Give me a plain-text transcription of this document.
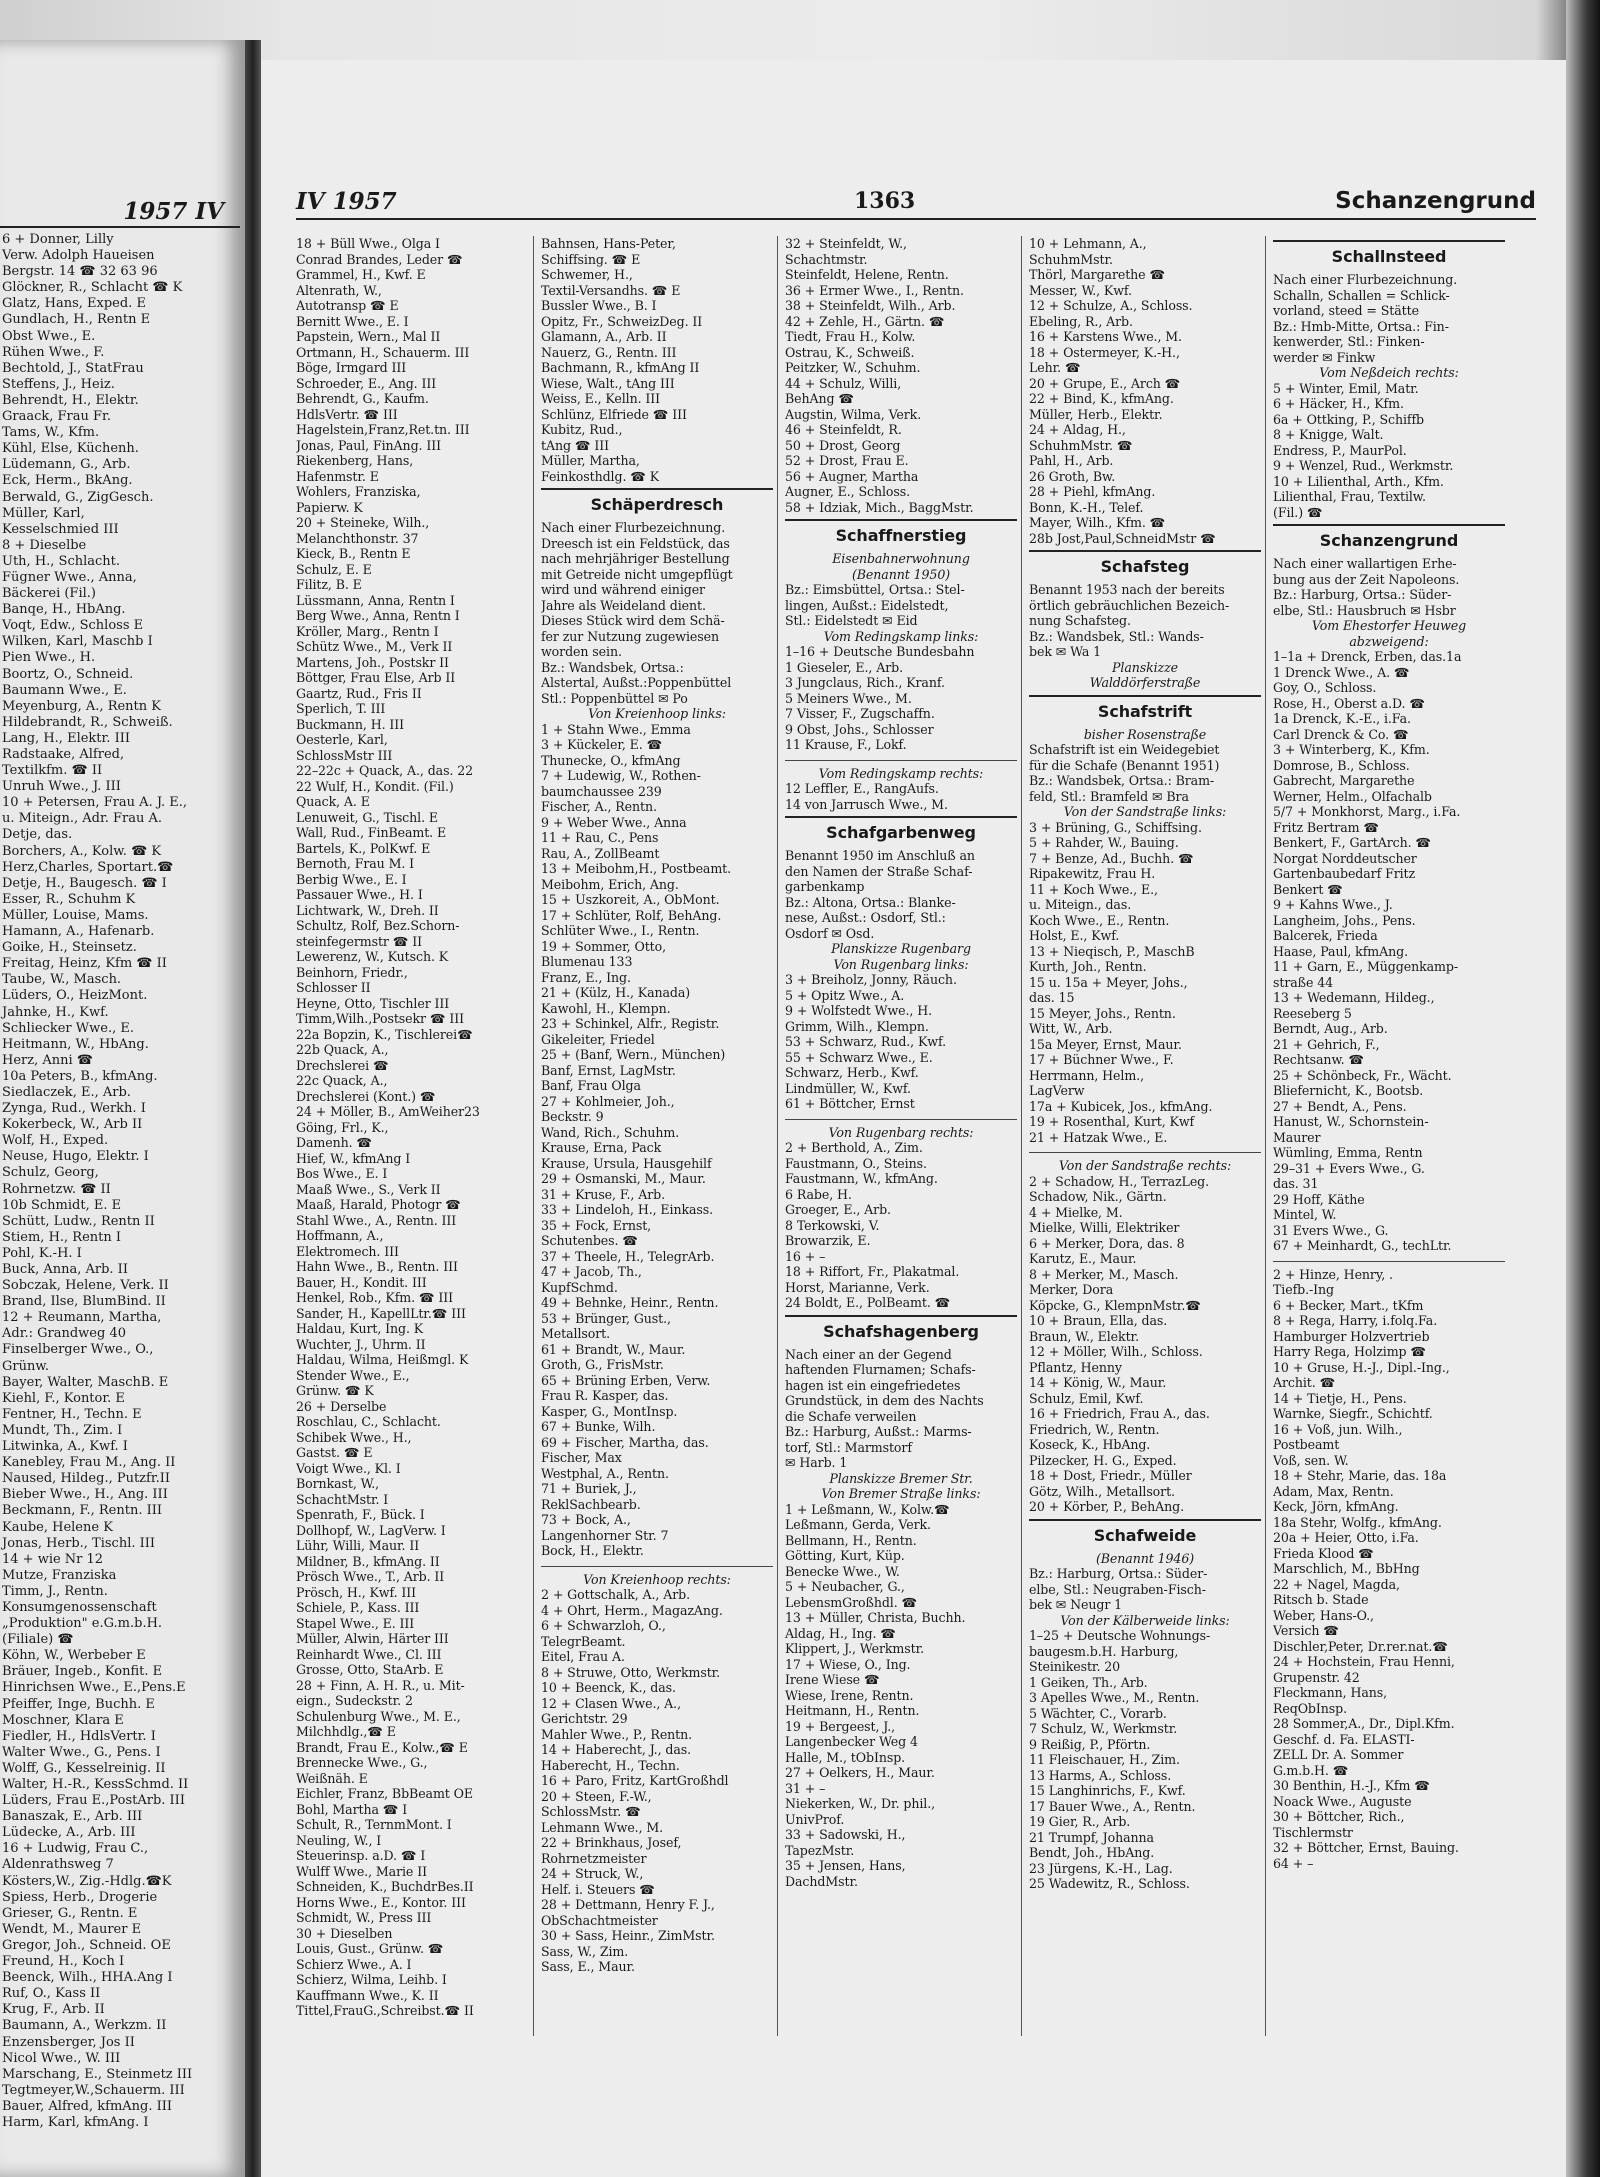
1957 IV
6 + Donner, Lilly
Verw. Adolph Haueisen
Bergstr. 14 ☎ 32 63 96
Glöckner, R., Schlacht ☎ K
Glatz, Hans, Exped. E
Gundlach, H., Rentn E
Obst Wwe., E.
Rühen Wwe., F.
Bechtold, J., StatFrau
Steffens, J., Heiz.
Behrendt, H., Elektr.
Graack, Frau Fr.
Tams, W., Kfm.
Kühl, Else, Küchenh.
Lüdemann, G., Arb.
Eck, Herm., BkAng.
Berwald, G., ZigGesch.
Müller, Karl,
Kesselschmied III
8 + Dieselbe
Uth, H., Schlacht.
Fügner Wwe., Anna,
Bäckerei (Fil.)
Banqe, H., HbAng.
Voqt, Edw., Schloss E
Wilken, Karl, Maschb I
Pien Wwe., H.
Boortz, O., Schneid.
Baumann Wwe., E.
Meyenburg, A., Rentn K
Hildebrandt, R., Schweiß.
Lang, H., Elektr. III
Radstaake, Alfred,
Textilkfm. ☎ II
Unruh Wwe., J. III
10 + Petersen, Frau A. J. E.,
u. Miteign., Adr. Frau A.
Detje, das.
Borchers, A., Kolw. ☎ K
Herz,Charles, Sportart.☎
Detje, H., Baugesch. ☎ I
Esser, R., Schuhm K
Müller, Louise, Mams.
Hamann, A., Hafenarb.
Goike, H., Steinsetz.
Freitag, Heinz, Kfm ☎ II
Taube, W., Masch.
Lüders, O., HeizMont.
Jahnke, H., Kwf.
Schliecker Wwe., E.
Heitmann, W., HbAng.
Herz, Anni ☎
10a Peters, B., kfmAng.
Siedlaczek, E., Arb.
Zynga, Rud., Werkh. I
Kokerbeck, W., Arb II
Wolf, H., Exped.
Neuse, Hugo, Elektr. I
Schulz, Georg,
Rohrnetzw. ☎ II
10b Schmidt, E. E
Schütt, Ludw., Rentn II
Stiem, H., Rentn I
Pohl, K.-H. I
Buck, Anna, Arb. II
Sobczak, Helene, Verk. II
Brand, Ilse, BlumBind. II
12 + Reumann, Martha,
Adr.: Grandweg 40
Finselberger Wwe., O.,
Grünw.
Bayer, Walter, MaschB. E
Kiehl, F., Kontor. E
Fentner, H., Techn. E
Mundt, Th., Zim. I
Litwinka, A., Kwf. I
Kanebley, Frau M., Ang. II
Naused, Hildeg., Putzfr.II
Bieber Wwe., H., Ang. III
Beckmann, F., Rentn. III
Kaube, Helene K
Jonas, Herb., Tischl. III
14 + wie Nr 12
Mutze, Franziska
Timm, J., Rentn.
Konsumgenossenschaft
„Produktion" e.G.m.b.H.
(Filiale) ☎
Köhn, W., Werbeber E
Bräuer, Ingeb., Konfit. E
Hinrichsen Wwe., E.,Pens.E
Pfeiffer, Inge, Buchh. E
Moschner, Klara E
Fiedler, H., HdlsVertr. I
Walter Wwe., G., Pens. I
Wolff, G., Kesselreinig. II
Walter, H.-R., KessSchmd. II
Lüders, Frau E.,PostArb. III
Banaszak, E., Arb. III
Lüdecke, A., Arb. III
16 + Ludwig, Frau C.,
Aldenrathsweg 7
Kösters,W., Zig.-Hdlg.☎K
Spiess, Herb., Drogerie
Grieser, G., Rentn. E
Wendt, M., Maurer E
Gregor, Joh., Schneid. OE
Freund, H., Koch I
Beenck, Wilh., HHA.Ang I
Ruf, O., Kass II
Krug, F., Arb. II
Baumann, A., Werkzm. II
Enzensberger, Jos II
Nicol Wwe., W. III
Marschang, E., Steinmetz III
Tegtmeyer,W.,Schauerm. III
Bauer, Alfred, kfmAng. III
Harm, Karl, kfmAng. I
IV 1957	1363	Schanzengrund
18 + Büll Wwe., Olga I
Conrad Brandes, Leder ☎
Grammel, H., Kwf. E
Altenrath, W.,
Autotransp ☎ E
Bernitt Wwe., E. I
Papstein, Wern., Mal II
Ortmann, H., Schauerm. III
Böge, Irmgard III
Schroeder, E., Ang. III
Behrendt, G., Kaufm.
HdlsVertr. ☎ III
Hagelstein,Franz,Ret.tn. III
Jonas, Paul, FinAng. III
Riekenberg, Hans,
Hafenmstr. E
Wohlers, Franziska,
Papierw. K
20 + Steineke, Wilh.,
Melanchthonstr. 37
Kieck, B., Rentn E
Schulz, E. E
Filitz, B. E
Lüssmann, Anna, Rentn I
Berg Wwe., Anna, Rentn I
Kröller, Marg., Rentn I
Schütz Wwe., M., Verk II
Martens, Joh., Postskr II
Böttger, Frau Else, Arb II
Gaartz, Rud., Fris II
Sperlich, T. III
Buckmann, H. III
Oesterle, Karl,
SchlossMstr III
22–22c + Quack, A., das. 22
22 Wulf, H., Kondit. (Fil.)
Quack, A. E
Lenuweit, G., Tischl. E
Wall, Rud., FinBeamt. E
Bartels, K., PolKwf. E
Bernoth, Frau M. I
Berbig Wwe., E. I
Passauer Wwe., H. I
Lichtwark, W., Dreh. II
Schultz, Rolf, Bez.Schorn-
steinfegermstr ☎ II
Lewerenz, W., Kutsch. K
Beinhorn, Friedr.,
Schlosser II
Heyne, Otto, Tischler III
Timm,Wilh.,Postsekr ☎ III
22a Bopzin, K., Tischlerei☎
22b Quack, A.,
Drechslerei ☎
22c Quack, A.,
Drechslerei (Kont.) ☎
24 + Möller, B., AmWeiher23
Göing, Frl., K.,
Damenh. ☎
Hief, W., kfmAng I
Bos Wwe., E. I
Maaß Wwe., S., Verk II
Maaß, Harald, Photogr ☎
Stahl Wwe., A., Rentn. III
Hoffmann, A.,
Elektromech. III
Hahn Wwe., B., Rentn. III
Bauer, H., Kondit. III
Henkel, Rob., Kfm. ☎ III
Sander, H., KapellLtr.☎ III
Haldau, Kurt, Ing. K
Wuchter, J., Uhrm. II
Haldau, Wilma, Heißmgl. K
Stender Wwe., E.,
Grünw. ☎ K
26 + Derselbe
Roschlau, C., Schlacht.
Schibek Wwe., H.,
Gastst. ☎ E
Voigt Wwe., Kl. I
Bornkast, W.,
SchachtMstr. I
Spenrath, F., Bück. I
Dollhopf, W., LagVerw. I
Lühr, Willi, Maur. II
Mildner, B., kfmAng. II
Prösch Wwe., T., Arb. II
Prösch, H., Kwf. III
Schiele, P., Kass. III
Stapel Wwe., E. III
Müller, Alwin, Härter III
Reinhardt Wwe., Cl. III
Grosse, Otto, StaArb. E
28 + Finn, A. H. R., u. Mit-
eign., Sudeckstr. 2
Schulenburg Wwe., M. E.,
Milchhdlg.,☎ E
Brandt, Frau E., Kolw.,☎ E
Brennecke Wwe., G.,
Weißnäh. E
Eichler, Franz, BbBeamt OE
Bohl, Martha ☎ I
Schult, R., TernmMont. I
Neuling, W., I
Steuerinsp. a.D. ☎ I
Wulff Wwe., Marie II
Schneiden, K., BuchdrBes.II
Horns Wwe., E., Kontor. III
Schmidt, W., Press III
30 + Dieselben
Louis, Gust., Grünw. ☎
Schierz Wwe., A. I
Schierz, Wilma, Leihb. I
Kauffmann Wwe., K. II
Tittel,FrauG.,Schreibst.☎ II
Bahnsen, Hans-Peter,
Schiffsing. ☎ E
Schwemer, H.,
Textil-Versandhs. ☎ E
Bussler Wwe., B. I
Opitz, Fr., SchweizDeg. II
Glamann, A., Arb. II
Nauerz, G., Rentn. III
Bachmann, R., kfmAng II
Wiese, Walt., tAng III
Weiss, E., Kelln. III
Schlünz, Elfriede ☎ III
Kubitz, Rud.,
tAng ☎ III
Müller, Martha,
Feinkosthdlg. ☎ K
Schäperdresch
Nach einer Flurbezeichnung.
Dreesch ist ein Feldstück, das
nach mehrjähriger Bestellung
mit Getreide nicht umgepflügt
wird und während einiger
Jahre als Weideland dient.
Dieses Stück wird dem Schä-
fer zur Nutzung zugewiesen
worden sein.
Bz.: Wandsbek, Ortsa.:
Alstertal, Außst.:Poppenbüttel
Stl.: Poppenbüttel ✉ Po
Von Kreienhoop links:
1 + Stahn Wwe., Emma
3 + Kückeler, E. ☎
Thunecke, O., kfmAng
7 + Ludewig, W., Rothen-
baumchaussee 239
Fischer, A., Rentn.
9 + Weber Wwe., Anna
11 + Rau, C., Pens
Rau, A., ZollBeamt
13 + Meibohm,H., Postbeamt.
Meibohm, Erich, Ang.
15 + Uszkoreit, A., ObMont.
17 + Schlüter, Rolf, BehAng.
Schlüter Wwe., I., Rentn.
19 + Sommer, Otto,
Blumenau 133
Franz, E., Ing.
21 + (Külz, H., Kanada)
Kawohl, H., Klempn.
23 + Schinkel, Alfr., Registr.
Gikeleiter, Friedel
25 + (Banf, Wern., München)
Banf, Ernst, LagMstr.
Banf, Frau Olga
27 + Kohlmeier, Joh.,
Beckstr. 9
Wand, Rich., Schuhm.
Krause, Erna, Pack
Krause, Ursula, Hausgehilf
29 + Osmanski, M., Maur.
31 + Kruse, F., Arb.
33 + Lindeloh, H., Einkass.
35 + Fock, Ernst,
Schutenbes. ☎
37 + Theele, H., TelegrArb.
47 + Jacob, Th.,
KupfSchmd.
49 + Behnke, Heinr., Rentn.
53 + Brünger, Gust.,
Metallsort.
61 + Brandt, W., Maur.
Groth, G., FrisMstr.
65 + Brüning Erben, Verw.
Frau R. Kasper, das.
Kasper, G., MontInsp.
67 + Bunke, Wilh.
69 + Fischer, Martha, das.
Fischer, Max
Westphal, A., Rentn.
71 + Buriek, J.,
ReklSachbearb.
73 + Bock, A.,
Langenhorner Str. 7
Bock, H., Elektr.
Von Kreienhoop rechts:
2 + Gottschalk, A., Arb.
4 + Ohrt, Herm., MagazAng.
6 + Schwarzloh, O.,
TelegrBeamt.
Eitel, Frau A.
8 + Struwe, Otto, Werkmstr.
10 + Beenck, K., das.
12 + Clasen Wwe., A.,
Gerichtstr. 29
Mahler Wwe., P., Rentn.
14 + Haberecht, J., das.
Haberecht, H., Techn.
16 + Paro, Fritz, KartGroßhdl
20 + Steen, F.-W.,
SchlossMstr. ☎
Lehmann Wwe., M.
22 + Brinkhaus, Josef,
Rohrnetzmeister
24 + Struck, W.,
Helf. i. Steuers ☎
28 + Dettmann, Henry F. J.,
ObSchachtmeister
30 + Sass, Heinr., ZimMstr.
Sass, W., Zim.
Sass, E., Maur.
32 + Steinfeldt, W.,
Schachtmstr.
Steinfeldt, Helene, Rentn.
36 + Ermer Wwe., I., Rentn.
38 + Steinfeldt, Wilh., Arb.
42 + Zehle, H., Gärtn. ☎
Tiedt, Frau H., Kolw.
Ostrau, K., Schweiß.
Peitzker, W., Schuhm.
44 + Schulz, Willi,
BehAng ☎
Augstin, Wilma, Verk.
46 + Steinfeldt, R.
50 + Drost, Georg
52 + Drost, Frau E.
56 + Augner, Martha
Augner, E., Schloss.
58 + Idziak, Mich., BaggMstr.
Schaffnerstieg
Eisenbahnerwohnung
(Benannt 1950)
Bz.: Eimsbüttel, Ortsa.: Stel-
lingen, Außst.: Eidelstedt,
Stl.: Eidelstedt ✉ Eid
Vom Redingskamp links:
1–16 + Deutsche Bundesbahn
1 Gieseler, E., Arb.
3 Jungclaus, Rich., Kranf.
5 Meiners Wwe., M.
7 Visser, F., Zugschaffn.
9 Obst, Johs., Schlosser
11 Krause, F., Lokf.
Vom Redingskamp rechts:
12 Leffler, E., RangAufs.
14 von Jarrusch Wwe., M.
Schafgarbenweg
Benannt 1950 im Anschluß an
den Namen der Straße Schaf-
garbenkamp
Bz.: Altona, Ortsa.: Blanke-
nese, Außst.: Osdorf, Stl.:
Osdorf ✉ Osd.
Planskizze Rugenbarg
Von Rugenbarg links:
3 + Breiholz, Jonny, Räuch.
5 + Opitz Wwe., A.
9 + Wolfstedt Wwe., H.
Grimm, Wilh., Klempn.
53 + Schwarz, Rud., Kwf.
55 + Schwarz Wwe., E.
Schwarz, Herb., Kwf.
Lindmüller, W., Kwf.
61 + Böttcher, Ernst
Von Rugenbarg rechts:
2 + Berthold, A., Zim.
Faustmann, O., Steins.
Faustmann, W., kfmAng.
6 Rabe, H.
Groeger, E., Arb.
8 Terkowski, V.
Browarzik, E.
16 + –
18 + Riffort, Fr., Plakatmal.
Horst, Marianne, Verk.
24 Boldt, E., PolBeamt. ☎
Schafshagenberg
Nach einer an der Gegend
haftenden Flurnamen; Schafs-
hagen ist ein eingefriedetes
Grundstück, in dem des Nachts
die Schafe verweilen
Bz.: Harburg, Außst.: Marms-
torf, Stl.: Marmstorf
✉ Harb. 1
Planskizze Bremer Str.
Von Bremer Straße links:
1 + Leßmann, W., Kolw.☎
Leßmann, Gerda, Verk.
Bellmann, H., Rentn.
Götting, Kurt, Küp.
Benecke Wwe., W.
5 + Neubacher, G.,
LebensmGroßhdl. ☎
13 + Müller, Christa, Buchh.
Aldag, H., Ing. ☎
Klippert, J., Werkmstr.
17 + Wiese, O., Ing.
Irene Wiese ☎
Wiese, Irene, Rentn.
Heitmann, H., Rentn.
19 + Bergeest, J.,
Langenbecker Weg 4
Halle, M., tObInsp.
27 + Oelkers, H., Maur.
31 + –
Niekerken, W., Dr. phil.,
UnivProf.
33 + Sadowski, H.,
TapezMstr.
35 + Jensen, Hans,
DachdMstr.
10 + Lehmann, A.,
SchuhmMstr.
Thörl, Margarethe ☎
Messer, W., Kwf.
12 + Schulze, A., Schloss.
Ebeling, R., Arb.
16 + Karstens Wwe., M.
18 + Ostermeyer, K.-H.,
Lehr. ☎
20 + Grupe, E., Arch ☎
22 + Bind, K., kfmAng.
Müller, Herb., Elektr.
24 + Aldag, H.,
SchuhmMstr. ☎
Pahl, H., Arb.
26 Groth, Bw.
28 + Piehl, kfmAng.
Bonn, K.-H., Telef.
Mayer, Wilh., Kfm. ☎
28b Jost,Paul,SchneidMstr ☎
Schafsteg
Benannt 1953 nach der bereits
örtlich gebräuchlichen Bezeich-
nung Schafsteg.
Bz.: Wandsbek, Stl.: Wands-
bek ✉ Wa 1
Planskizze
Walddörferstraße
Schafstrift
bisher Rosenstraße
Schafstrift ist ein Weidegebiet
für die Schafe (Benannt 1951)
Bz.: Wandsbek, Ortsa.: Bram-
feld, Stl.: Bramfeld ✉ Bra
Von der Sandstraße links:
3 + Brüning, G., Schiffsing.
5 + Rahder, W., Bauing.
7 + Benze, Ad., Buchh. ☎
Ripakewitz, Frau H.
11 + Koch Wwe., E.,
u. Miteign., das.
Koch Wwe., E., Rentn.
Holst, E., Kwf.
13 + Nieqisch, P., MaschB
Kurth, Joh., Rentn.
15 u. 15a + Meyer, Johs.,
das. 15
15 Meyer, Johs., Rentn.
Witt, W., Arb.
15a Meyer, Ernst, Maur.
17 + Büchner Wwe., F.
Herrmann, Helm.,
LagVerw
17a + Kubicek, Jos., kfmAng.
19 + Rosenthal, Kurt, Kwf
21 + Hatzak Wwe., E.
Von der Sandstraße rechts:
2 + Schadow, H., TerrazLeg.
Schadow, Nik., Gärtn.
4 + Mielke, M.
Mielke, Willi, Elektriker
6 + Merker, Dora, das. 8
Karutz, E., Maur.
8 + Merker, M., Masch.
Merker, Dora
Köpcke, G., KlempnMstr.☎
10 + Braun, Ella, das.
Braun, W., Elektr.
12 + Möller, Wilh., Schloss.
Pflantz, Henny
14 + König, W., Maur.
Schulz, Emil, Kwf.
16 + Friedrich, Frau A., das.
Friedrich, W., Rentn.
Koseck, K., HbAng.
Pilzecker, H. G., Exped.
18 + Dost, Friedr., Müller
Götz, Wilh., Metallsort.
20 + Körber, P., BehAng.
Schafweide
(Benannt 1946)
Bz.: Harburg, Ortsa.: Süder-
elbe, Stl.: Neugraben-Fisch-
bek ✉ Neugr 1
Von der Kälberweide links:
1–25 + Deutsche Wohnungs-
baugesm.b.H. Harburg,
Steinikestr. 20
1 Geiken, Th., Arb.
3 Apelles Wwe., M., Rentn.
5 Wächter, C., Vorarb.
7 Schulz, W., Werkmstr.
9 Reißig, P., Pförtn.
11 Fleischauer, H., Zim.
13 Harms, A., Schloss.
15 Langhinrichs, F., Kwf.
17 Bauer Wwe., A., Rentn.
19 Gier, R., Arb.
21 Trumpf, Johanna
Bendt, Joh., HbAng.
23 Jürgens, K.-H., Lag.
25 Wadewitz, R., Schloss.
Schallnsteed
Nach einer Flurbezeichnung.
Schalln, Schallen = Schlick-
vorland, steed = Stätte
Bz.: Hmb-Mitte, Ortsa.: Fin-
kenwerder, Stl.: Finken-
werder ✉ Finkw
Vom Neßdeich rechts:
5 + Winter, Emil, Matr.
6 + Häcker, H., Kfm.
6a + Ottking, P., Schiffb
8 + Knigge, Walt.
Endress, P., MaurPol.
9 + Wenzel, Rud., Werkmstr.
10 + Lilienthal, Arth., Kfm.
Lilienthal, Frau, Textilw.
(Fil.) ☎
Schanzengrund
Nach einer wallartigen Erhe-
bung aus der Zeit Napoleons.
Bz.: Harburg, Ortsa.: Süder-
elbe, Stl.: Hausbruch ✉ Hsbr
Vom Ehestorfer Heuweg
abzweigend:
1–1a + Drenck, Erben, das.1a
1 Drenck Wwe., A. ☎
Goy, O., Schloss.
Rose, H., Oberst a.D. ☎
1a Drenck, K.-E., i.Fa.
Carl Drenck & Co. ☎
3 + Winterberg, K., Kfm.
Domrose, B., Schloss.
Gabrecht, Margarethe
Werner, Helm., Olfachalb
5/7 + Monkhorst, Marg., i.Fa.
Fritz Bertram ☎
Benkert, F., GartArch. ☎
Norgat Norddeutscher
Gartenbaubedarf Fritz
Benkert ☎
9 + Kahns Wwe., J.
Langheim, Johs., Pens.
Balcerek, Frieda
Haase, Paul, kfmAng.
11 + Garn, E., Müggenkamp-
straße 44
13 + Wedemann, Hildeg.,
Reeseberg 5
Berndt, Aug., Arb.
21 + Gehrich, F.,
Rechtsanw. ☎
25 + Schönbeck, Fr., Wächt.
Bliefernicht, K., Bootsb.
27 + Bendt, A., Pens.
Hanust, W., Schornstein-
Maurer
Wümling, Emma, Rentn
29–31 + Evers Wwe., G.
das. 31
29 Hoff, Käthe
Mintel, W.
31 Evers Wwe., G.
67 + Meinhardt, G., techLtr.
2 + Hinze, Henry, .
Tiefb.-Ing
6 + Becker, Mart., tKfm
8 + Rega, Harry, i.folq.Fa.
Hamburger Holzvertrieb
Harry Rega, Holzimp ☎
10 + Gruse, H.-J., Dipl.-Ing.,
Archit. ☎
14 + Tietje, H., Pens.
Warnke, Siegfr., Schichtf.
16 + Voß, jun. Wilh.,
Postbeamt
Voß, sen. W.
18 + Stehr, Marie, das. 18a
Adam, Max, Rentn.
Keck, Jörn, kfmAng.
18a Stehr, Wolfg., kfmAng.
20a + Heier, Otto, i.Fa.
Frieda Klood ☎
Marschlich, M., BbHng
22 + Nagel, Magda,
Ritsch b. Stade
Weber, Hans-O.,
Versich ☎
Dischler,Peter, Dr.rer.nat.☎
24 + Hochstein, Frau Henni,
Grupenstr. 42
Fleckmann, Hans,
ReqObInsp.
28 Sommer,A., Dr., Dipl.Kfm.
Geschf. d. Fa. ELASTI-
ZELL Dr. A. Sommer
G.m.b.H. ☎
30 Benthin, H.-J., Kfm ☎
Noack Wwe., Auguste
30 + Böttcher, Rich.,
Tischlermstr
32 + Böttcher, Ernst, Bauing.
64 + –
